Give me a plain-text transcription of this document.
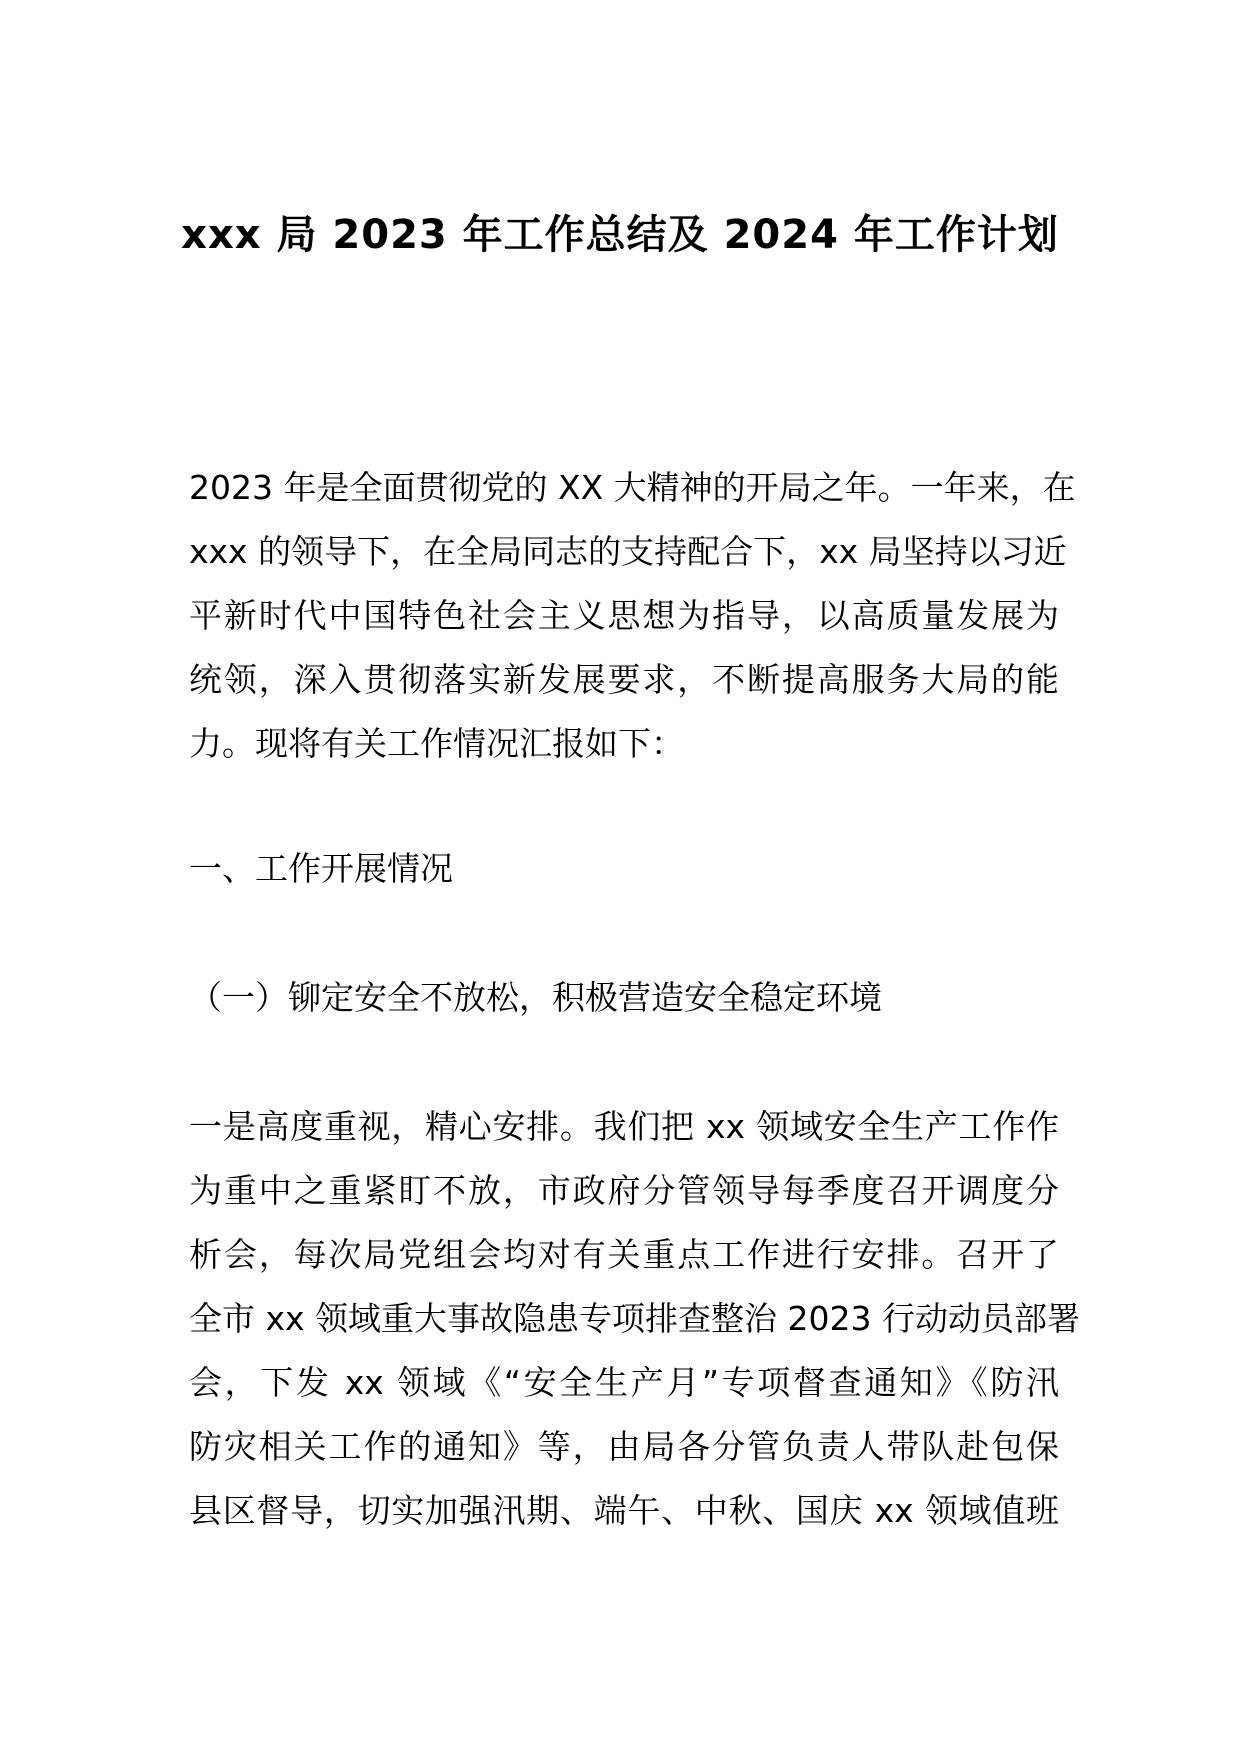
xxx 局 2023 年工作总结及 2024 年工作计划
2023 年是全面贯彻党的 XX 大精神的开局之年。一年来，在
xxx 的领导下，在全局同志的支持配合下，xx 局坚持以习近
平新时代中国特色社会主义思想为指导，以高质量发展为
统领，深入贯彻落实新发展要求，不断提高服务大局的能
力。现将有关工作情况汇报如下：
一、工作开展情况
（一）铆定安全不放松，积极营造安全稳定环境
一是高度重视，精心安排。我们把 xx 领域安全生产工作作
为重中之重紧盯不放，市政府分管领导每季度召开调度分
析会，每次局党组会均对有关重点工作进行安排。召开了
全市 xx 领域重大事故隐患专项排查整治 2023 行动动员部署
会，下发 xx 领域《“安全生产月”专项督查通知》《防汛
防灾相关工作的通知》等，由局各分管负责人带队赴包保
县区督导，切实加强汛期、端午、中秋、国庆 xx 领域值班
